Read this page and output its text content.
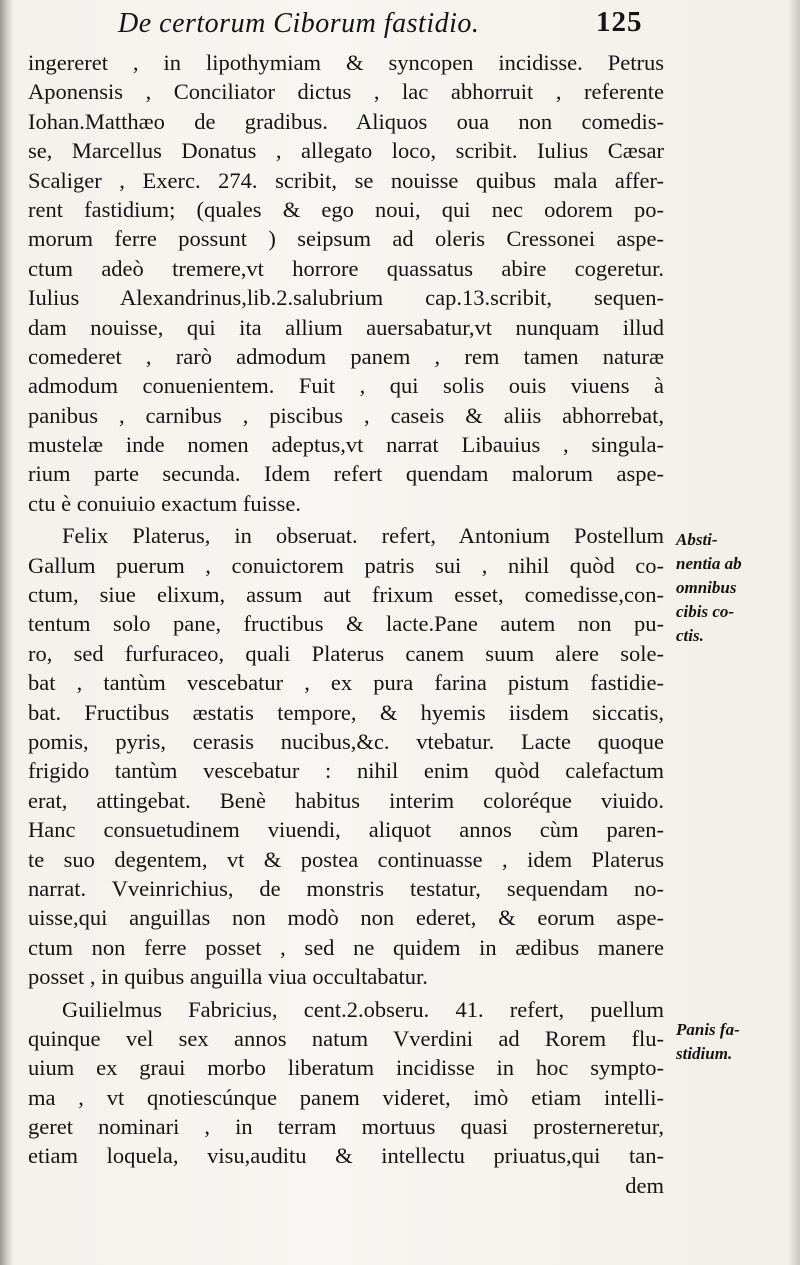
De certorum Ciborum fastidio.	125
ingereret , in lipothymiam & syncopen incidisse. Petrus
Aponensis , Conciliator dictus , lac abhorruit , referente
Iohan.Matthæo de gradibus. Aliquos oua non comedis-
se, Marcellus Donatus , allegato loco, scribit. Iulius Cæsar
Scaliger , Exerc. 274. scribit, se nouisse quibus mala affer-
rent fastidium; (quales & ego noui, qui nec odorem po-
morum ferre possunt ) seipsum ad oleris Cressonei aspe-
ctum adeò tremere,vt horrore quassatus abire cogeretur.
Iulius Alexandrinus,lib.2.salubrium cap.13.scribit, sequen-
dam nouisse, qui ita allium auersabatur,vt nunquam illud
comederet , rarò admodum panem , rem tamen naturæ
admodum conuenientem. Fuit , qui solis ouis viuens à
panibus , carnibus , piscibus , caseis & aliis abhorrebat,
mustelæ inde nomen adeptus,vt narrat Libauius , singula-
rium parte secunda. Idem refert quendam malorum aspe-
ctu è conuiuio exactum fuisse.
Felix Platerus, in obseruat. refert, Antonium Postellum
Gallum puerum , conuictorem patris sui , nihil quòd co-
ctum, siue elixum, assum aut frixum esset, comedisse,con-
tentum solo pane, fructibus & lacte.Pane autem non pu-
ro, sed furfuraceo, quali Platerus canem suum alere sole-
bat , tantùm vescebatur , ex pura farina pistum fastidie-
bat. Fructibus æstatis tempore, & hyemis iisdem siccatis,
pomis, pyris, cerasis nucibus,&c. vtebatur. Lacte quoque
frigido tantùm vescebatur : nihil enim quòd calefactum
erat, attingebat. Benè habitus interim coloréque viuido.
Hanc consuetudinem viuendi, aliquot annos cùm paren-
te suo degentem, vt & postea continuasse , idem Platerus
narrat. Vveinrichius, de monstris testatur, sequendam no-
uisse,qui anguillas non modò non ederet, & eorum aspe-
ctum non ferre posset , sed ne quidem in ædibus manere
posset , in quibus anguilla viua occultabatur.
Guilielmus Fabricius, cent.2.obseru. 41. refert, puellum
quinque vel sex annos natum Vverdini ad Rorem flu-
uium ex graui morbo liberatum incidisse in hoc sympto-
ma , vt qnotiescúnque panem videret, imò etiam intelli-
geret nominari , in terram mortuus quasi prosterneretur,
etiam loquela, visu,auditu & intellectu priuatus,qui tan-
dem
Absti-
nentia ab
omnibus
cibis co-
ctis.
Panis fa-
stidium.
